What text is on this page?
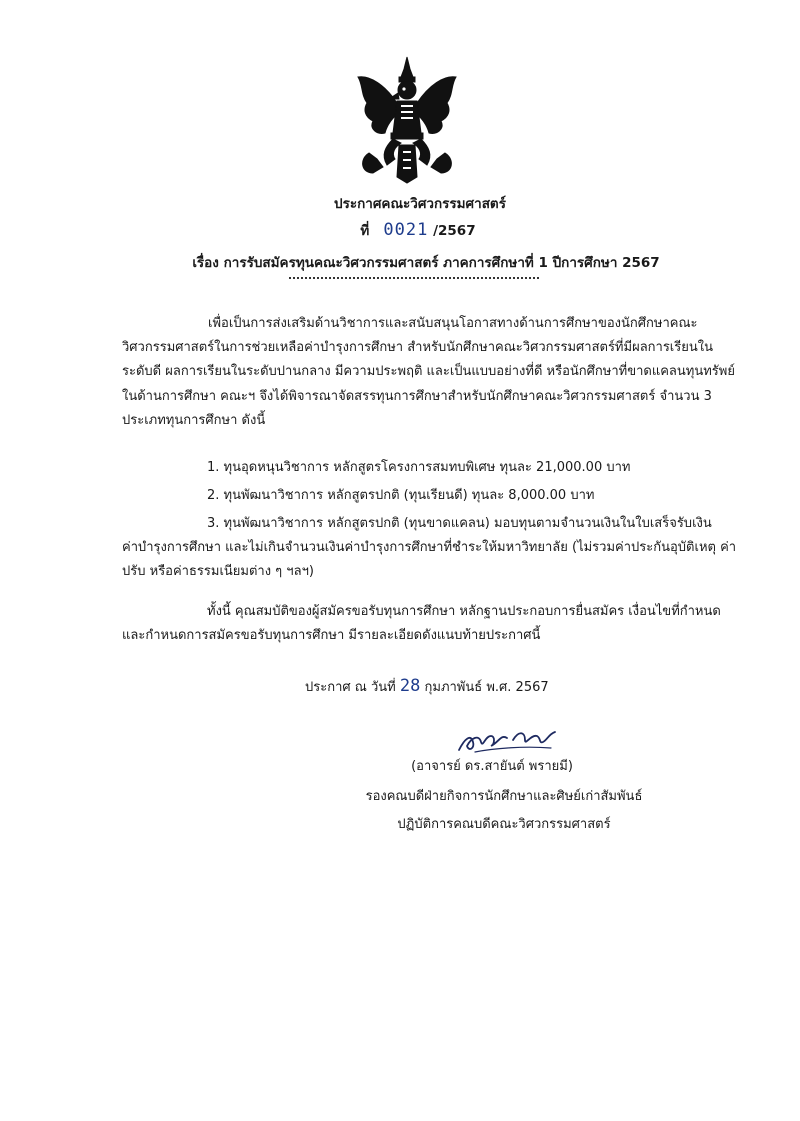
ประกาศคณะวิศวกรรมศาสตร์
ที่ 0021 /2567
เรื่อง การรับสมัครทุนคณะวิศวกรรมศาสตร์ ภาคการศึกษาที่ 1 ปีการศึกษา 2567
เพื่อเป็นการส่งเสริมด้านวิชาการและสนับสนุนโอกาสทางด้านการศึกษาของนักศึกษาคณะวิศวกรรมศาสตร์ในการช่วยเหลือค่าบำรุงการศึกษา สำหรับนักศึกษาคณะวิศวกรรมศาสตร์ที่มีผลการเรียนในระดับดี ผลการเรียนในระดับปานกลาง มีความประพฤติ และเป็นแบบอย่างที่ดี หรือนักศึกษาที่ขาดแคลนทุนทรัพย์ในด้านการศึกษา คณะฯ จึงได้พิจารณาจัดสรรทุนการศึกษาสำหรับนักศึกษาคณะวิศวกรรมศาสตร์ จำนวน 3 ประเภททุนการศึกษา ดังนี้
1. ทุนอุดหนุนวิชาการ หลักสูตรโครงการสมทบพิเศษ ทุนละ 21,000.00 บาท
2. ทุนพัฒนาวิชาการ หลักสูตรปกติ (ทุนเรียนดี) ทุนละ 8,000.00 บาท
3. ทุนพัฒนาวิชาการ หลักสูตรปกติ (ทุนขาดแคลน) มอบทุนตามจำนวนเงินในใบเสร็จรับเงิน
ค่าบำรุงการศึกษา และไม่เกินจำนวนเงินค่าบำรุงการศึกษาที่ชำระให้มหาวิทยาลัย (ไม่รวมค่าประกันอุบัติเหตุ ค่าปรับ หรือค่าธรรมเนียมต่าง ๆ ฯลฯ)
ทั้งนี้ คุณสมบัติของผู้สมัครขอรับทุนการศึกษา หลักฐานประกอบการยื่นสมัคร เงื่อนไขที่กำหนด และกำหนดการสมัครขอรับทุนการศึกษา มีรายละเอียดดังแนบท้ายประกาศนี้
ประกาศ ณ วันที่ 28 กุมภาพันธ์ พ.ศ. 2567
(อาจารย์ ดร.สายันต์ พรายมี)
รองคณบดีฝ่ายกิจการนักศึกษาและศิษย์เก่าสัมพันธ์
ปฏิบัติการคณบดีคณะวิศวกรรมศาสตร์
